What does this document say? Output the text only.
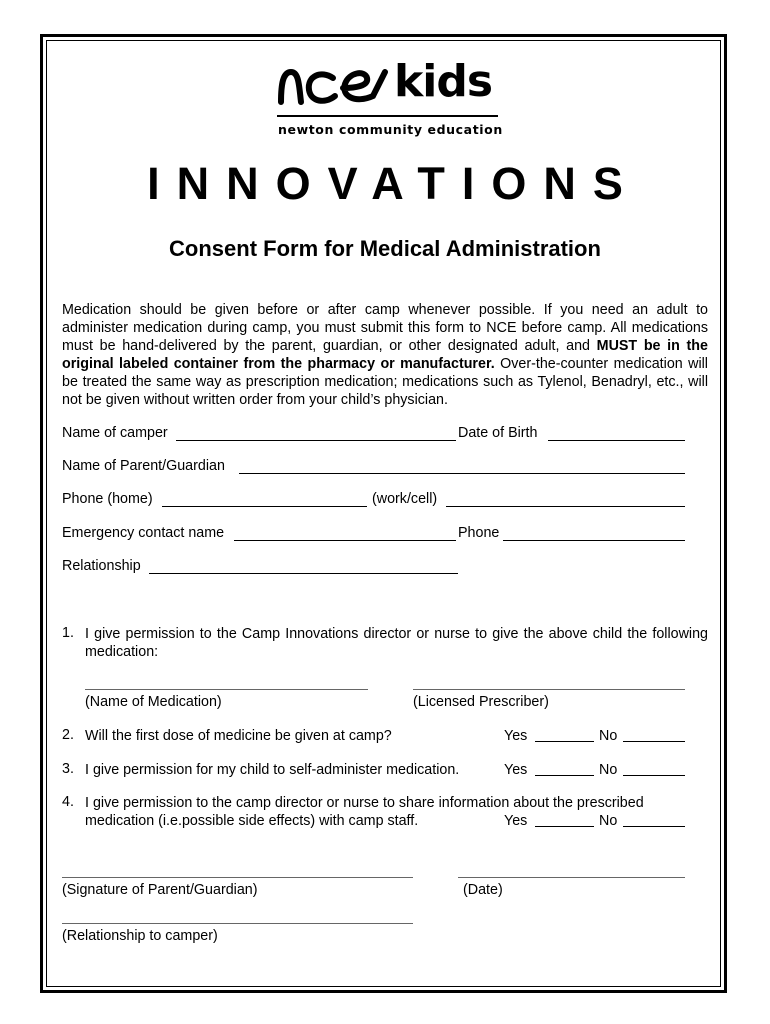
kids
newton community education
INNOVATIONS
Consent Form for Medical Administration
Medication should be given before or after camp whenever possible. If you need an adult to administer medication during camp, you must submit this form to NCE before camp. All medications must be hand-delivered by the parent, guardian, or other designated adult, and MUST be in the original labeled container from the pharmacy or manufacturer. Over-the-counter medication will be treated the same way as prescription medication; medications such as Tylenol, Benadryl, etc., will not be given without written order from your child’s physician.
Name of camper	Date of Birth
Name of Parent/Guardian
Phone (home)	(work/cell)
Emergency contact name	Phone
Relationship
1. I give permission to the Camp Innovations director or nurse to give the above child the following medication:
(Name of Medication)	(Licensed Prescriber)
2. Will the first dose of medicine be given at camp?	Yes	No
3. I give permission for my child to self-administer medication.	Yes	No
4. I give permission to the camp director or nurse to share information about the prescribed
medication (i.e.possible side effects) with camp staff.	Yes	No
(Signature of Parent/Guardian)	(Date)
(Relationship to camper)
